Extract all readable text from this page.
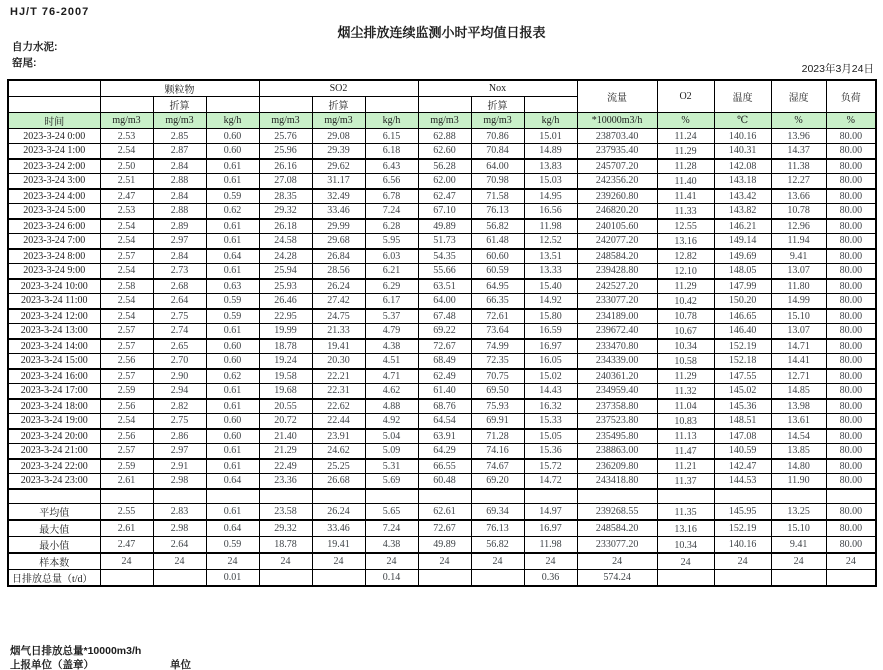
HJ/T 76-2007
烟尘排放连续监测小时平均值日报表
自力水泥:
窑尾:	2023年3月24日
	颗粒物			SO2			Nox			流量	O2	温度	湿度	负荷
		折算			折算			折算						
时间	mg/m3	mg/m3	kg/h	mg/m3	mg/m3	kg/h	mg/m3	mg/m3	kg/h	*10000m3/h	%	℃	%	%
2023-3-24 0:00	2.53	2.85	0.60	25.76	29.08	6.15	62.88	70.86	15.01	238703.40	11.24	140.16	13.96	80.00
2023-3-24 1:00	2.54	2.87	0.60	25.96	29.39	6.18	62.60	70.84	14.89	237935.40	11.29	140.31	14.37	80.00
2023-3-24 2:00	2.50	2.84	0.61	26.16	29.62	6.43	56.28	64.00	13.83	245707.20	11.28	142.08	11.38	80.00
2023-3-24 3:00	2.51	2.88	0.61	27.08	31.17	6.56	62.00	70.98	15.03	242356.20	11.40	143.18	12.27	80.00
2023-3-24 4:00	2.47	2.84	0.59	28.35	32.49	6.78	62.47	71.58	14.95	239260.80	11.41	143.42	13.66	80.00
2023-3-24 5:00	2.53	2.88	0.62	29.32	33.46	7.24	67.10	76.13	16.56	246820.20	11.33	143.82	10.78	80.00
2023-3-24 6:00	2.54	2.89	0.61	26.18	29.99	6.28	49.89	56.82	11.98	240105.60	12.55	146.21	12.96	80.00
2023-3-24 7:00	2.54	2.97	0.61	24.58	29.68	5.95	51.73	61.48	12.52	242077.20	13.16	149.14	11.94	80.00
2023-3-24 8:00	2.57	2.84	0.64	24.28	26.84	6.03	54.35	60.60	13.51	248584.20	12.82	149.69	9.41	80.00
2023-3-24 9:00	2.54	2.73	0.61	25.94	28.56	6.21	55.66	60.59	13.33	239428.80	12.10	148.05	13.07	80.00
2023-3-24 10:00	2.58	2.68	0.63	25.93	26.24	6.29	63.51	64.95	15.40	242527.20	11.29	147.99	11.80	80.00
2023-3-24 11:00	2.54	2.64	0.59	26.46	27.42	6.17	64.00	66.35	14.92	233077.20	10.42	150.20	14.99	80.00
2023-3-24 12:00	2.54	2.75	0.59	22.95	24.75	5.37	67.48	72.61	15.80	234189.00	10.78	146.65	15.10	80.00
2023-3-24 13:00	2.57	2.74	0.61	19.99	21.33	4.79	69.22	73.64	16.59	239672.40	10.67	146.40	13.07	80.00
2023-3-24 14:00	2.57	2.65	0.60	18.78	19.41	4.38	72.67	74.99	16.97	233470.80	10.34	152.19	14.71	80.00
2023-3-24 15:00	2.56	2.70	0.60	19.24	20.30	4.51	68.49	72.35	16.05	234339.00	10.58	152.18	14.41	80.00
2023-3-24 16:00	2.57	2.90	0.62	19.58	22.21	4.71	62.49	70.75	15.02	240361.20	11.29	147.55	12.71	80.00
2023-3-24 17:00	2.59	2.94	0.61	19.68	22.31	4.62	61.40	69.50	14.43	234959.40	11.32	145.02	14.85	80.00
2023-3-24 18:00	2.56	2.82	0.61	20.55	22.62	4.88	68.76	75.93	16.32	237358.80	11.04	145.36	13.98	80.00
2023-3-24 19:00	2.54	2.75	0.60	20.72	22.44	4.92	64.54	69.91	15.33	237523.80	10.83	148.51	13.61	80.00
2023-3-24 20:00	2.56	2.86	0.60	21.40	23.91	5.04	63.91	71.28	15.05	235495.80	11.13	147.08	14.54	80.00
2023-3-24 21:00	2.57	2.97	0.61	21.29	24.62	5.09	64.29	74.16	15.36	238863.00	11.47	140.59	13.85	80.00
2023-3-24 22:00	2.59	2.91	0.61	22.49	25.25	5.31	66.55	74.67	15.72	236209.80	11.21	142.47	14.80	80.00
2023-3-24 23:00	2.61	2.98	0.64	23.36	26.68	5.69	60.48	69.20	14.72	243418.80	11.37	144.53	11.90	80.00

平均值	2.55	2.83	0.61	23.58	26.24	5.65	62.61	69.34	14.97	239268.55	11.35	145.95	13.25	80.00
最大值	2.61	2.98	0.64	29.32	33.46	7.24	72.67	76.13	16.97	248584.20	13.16	152.19	15.10	80.00
最小值	2.47	2.64	0.59	18.78	19.41	4.38	49.89	56.82	11.98	233077.20	10.34	140.16	9.41	80.00
样本数	24	24	24	24	24	24	24	24	24	24	24	24	24	24
日排放总量（t/d）			0.01			0.14			0.36	574.24				
烟气日排放总量*10000m3/h
上报单位（盖章）	单位
